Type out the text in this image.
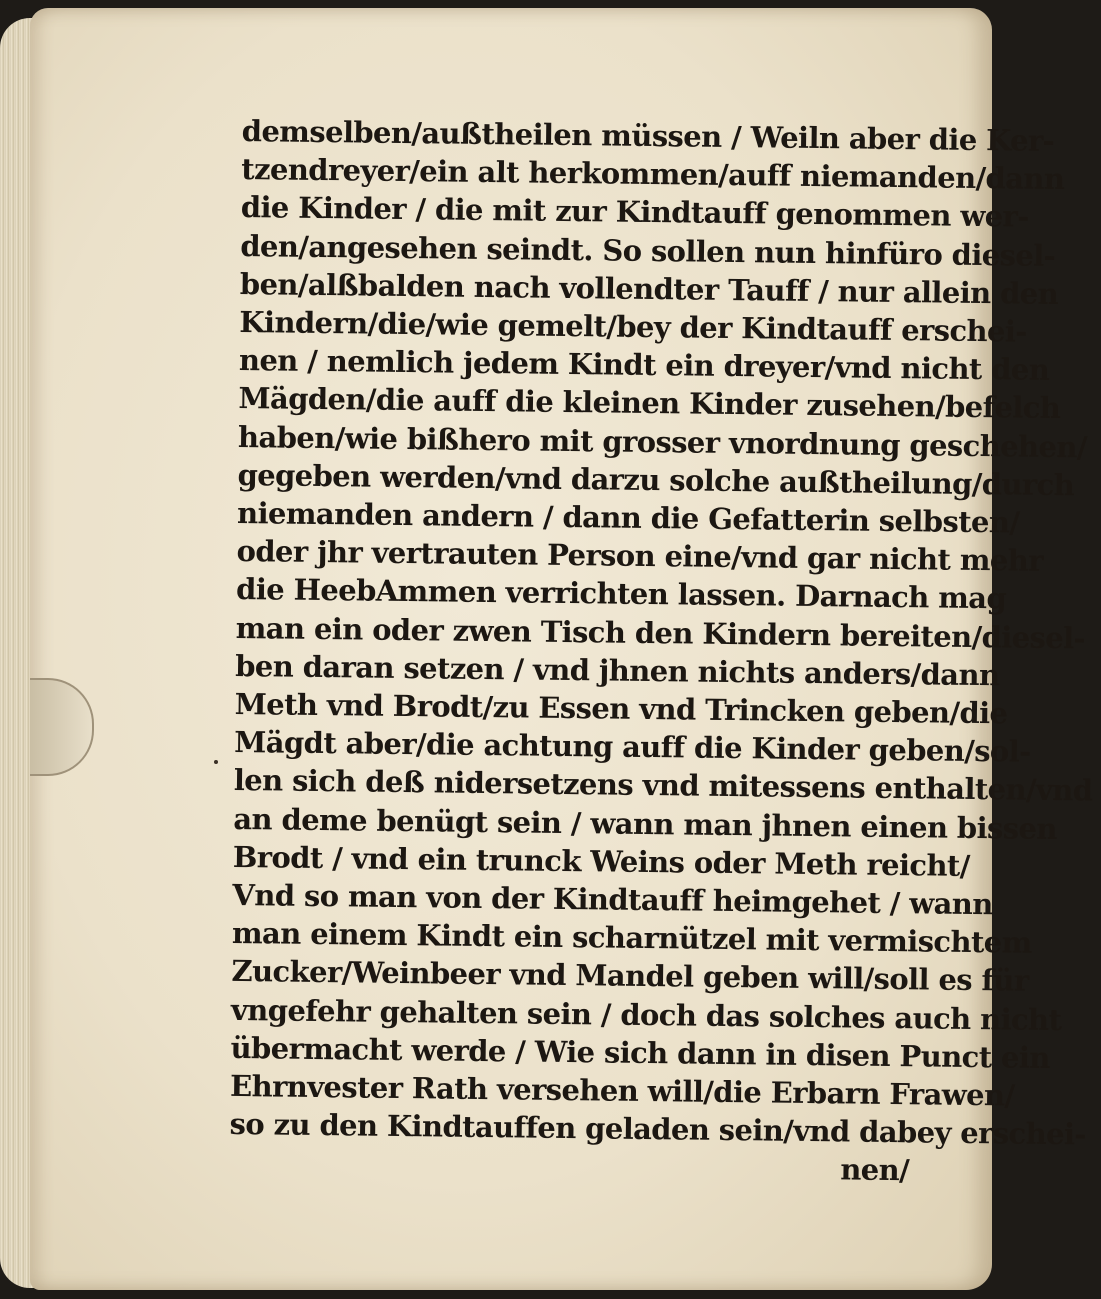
demselben/außtheilen müssen / Weiln aber die Ker-
tzendreyer/ein alt herkommen/auff niemanden/dann
die Kinder / die mit zur Kindtauff genommen wer-
den/angesehen seindt. So sollen nun hinfüro diesel-
ben/alßbalden nach vollendter Tauff / nur allein den
Kindern/die/wie gemelt/bey der Kindtauff erschei-
nen / nemlich jedem Kindt ein dreyer/vnd nicht den
Mägden/die auff die kleinen Kinder zusehen/befelch
haben/wie bißhero mit grosser vnordnung geschehen/
gegeben werden/vnd darzu solche außtheilung/durch
niemanden andern / dann die Gefatterin selbsten/
oder jhr vertrauten Person eine/vnd gar nicht mehr
die HeebAmmen verrichten lassen. Darnach mag
man ein oder zwen Tisch den Kindern bereiten/diesel-
ben daran setzen / vnd jhnen nichts anders/dann
Meth vnd Brodt/zu Essen vnd Trincken geben/die
Mägdt aber/die achtung auff die Kinder geben/sol-
len sich deß nidersetzens vnd mitessens enthalten/vnd
an deme benügt sein / wann man jhnen einen bissen
Brodt / vnd ein trunck Weins oder Meth reicht/
Vnd so man von der Kindtauff heimgehet / wann
man einem Kindt ein scharnützel mit vermischtem
Zucker/Weinbeer vnd Mandel geben will/soll es für
vngefehr gehalten sein / doch das solches auch nicht
übermacht werde / Wie sich dann in disen Punct ein
Ehrnvester Rath versehen will/die Erbarn Frawen/
so zu den Kindtauffen geladen sein/vnd dabey erschei-
nen/
